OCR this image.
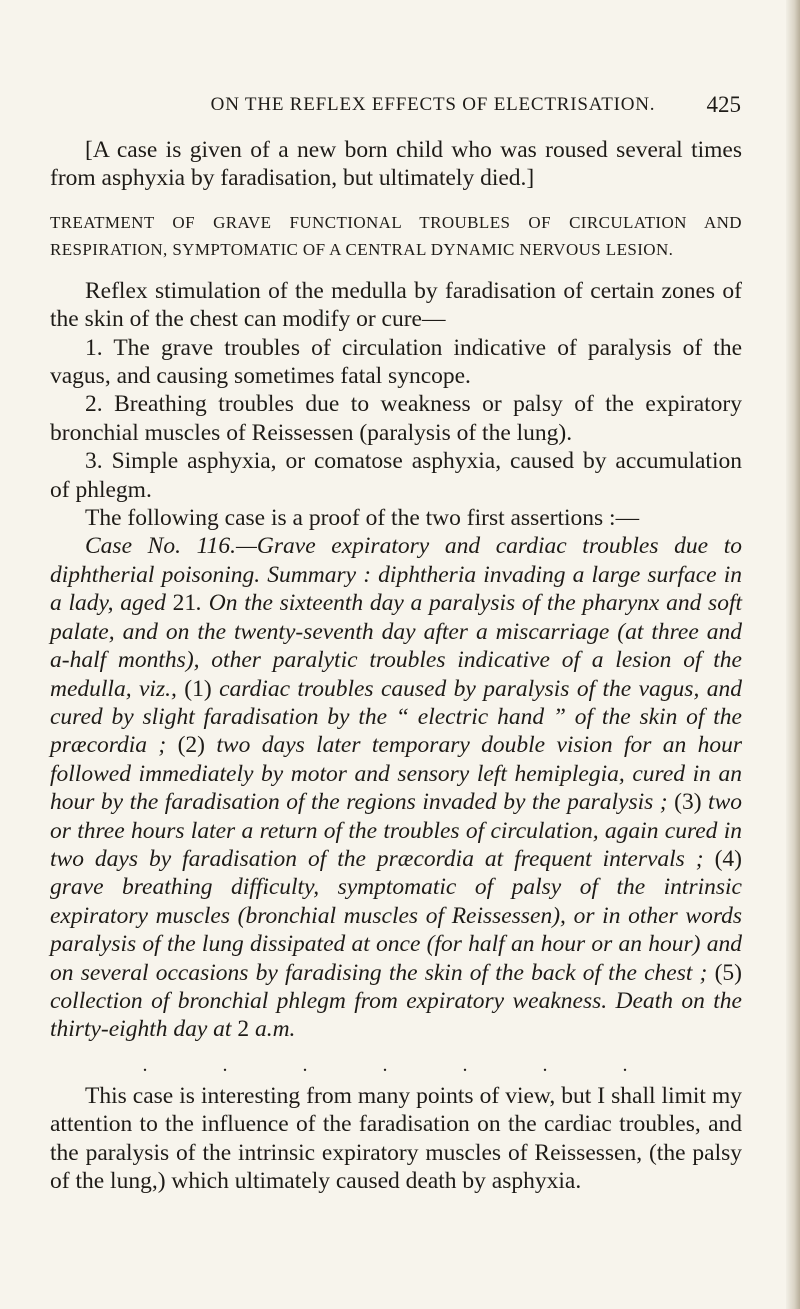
ON THE REFLEX EFFECTS OF ELECTRISATION.	425

[A case is given of a new born child who was roused several times from asphyxia by faradisation, but ultimately died.]

TREATMENT OF GRAVE FUNCTIONAL TROUBLES OF CIRCULATION AND RESPIRATION, SYMPTOMATIC OF A CENTRAL DYNAMIC NERVOUS LESION.

Reflex stimulation of the medulla by faradisation of certain zones of the skin of the chest can modify or cure—

1. The grave troubles of circulation indicative of paralysis of the vagus, and causing sometimes fatal syncope.

2. Breathing troubles due to weakness or palsy of the expiratory bronchial muscles of Reissessen (paralysis of the lung).

3. Simple asphyxia, or comatose asphyxia, caused by accumulation of phlegm.

The following case is a proof of the two first assertions :—

Case No. 116.—Grave expiratory and cardiac troubles due to diphtherial poisoning. Summary : diphtheria invading a large surface in a lady, aged 21. On the sixteenth day a paralysis of the pharynx and soft palate, and on the twenty-seventh day after a miscarriage (at three and a-half months), other paralytic troubles indicative of a lesion of the medulla, viz., (1) cardiac troubles caused by paralysis of the vagus, and cured by slight faradisation by the “ electric hand ” of the skin of the præcordia ; (2) two days later temporary double vision for an hour followed immediately by motor and sensory left hemiplegia, cured in an hour by the faradisation of the regions invaded by the paralysis ; (3) two or three hours later a return of the troubles of circulation, again cured in two days by faradisation of the præcordia at frequent intervals ; (4) grave breathing difficulty, symptomatic of palsy of the intrinsic expiratory muscles (bronchial muscles of Reissessen), or in other words paralysis of the lung dissipated at once (for half an hour or an hour) and on several occasions by faradising the skin of the back of the chest ; (5) collection of bronchial phlegm from expiratory weakness. Death on the thirty-eighth day at 2 a.m.

.	.	.	.	.	.	.

This case is interesting from many points of view, but I shall limit my attention to the influence of the faradisation on the cardiac troubles, and the paralysis of the intrinsic expiratory muscles of Reissessen, (the palsy of the lung,) which ultimately caused death by asphyxia.
